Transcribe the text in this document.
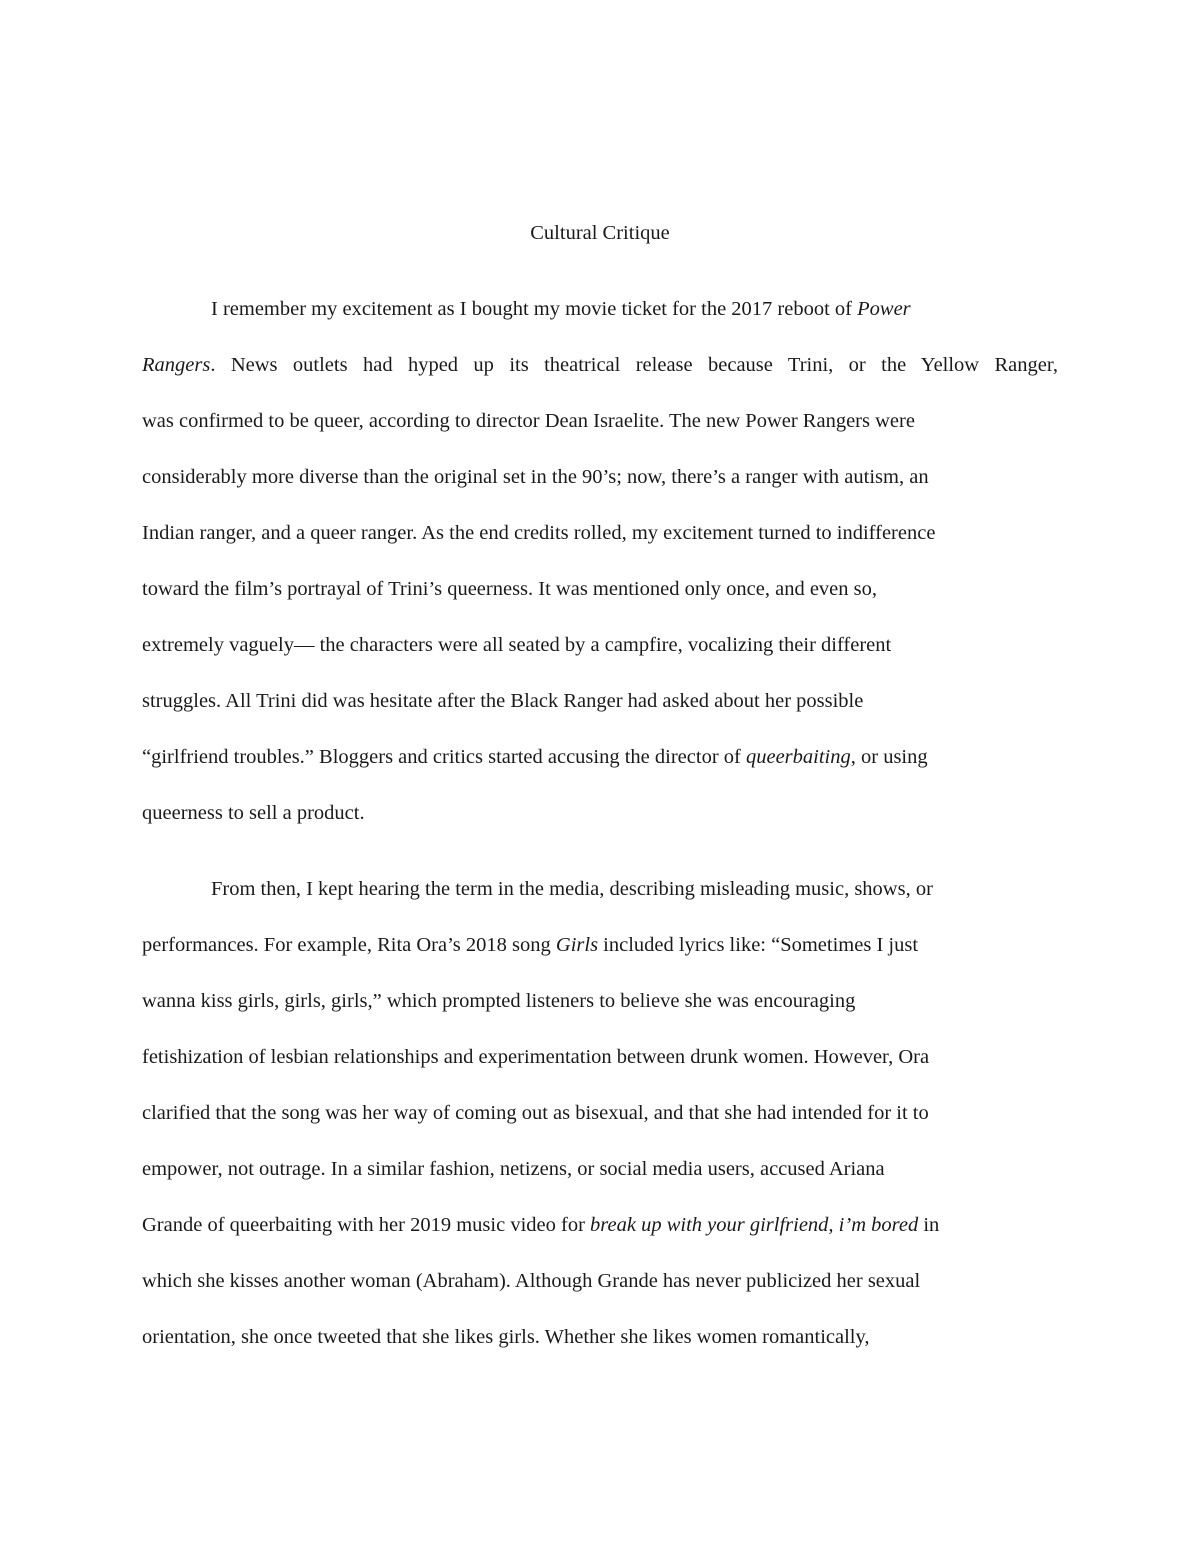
Cultural Critique

I remember my excitement as I bought my movie ticket for the 2017 reboot of Power

Rangers. News outlets had hyped up its theatrical release because Trini, or the Yellow Ranger,

was confirmed to be queer, according to director Dean Israelite. The new Power Rangers were

considerably more diverse than the original set in the 90’s; now, there’s a ranger with autism, an

Indian ranger, and a queer ranger. As the end credits rolled, my excitement turned to indifference

toward the film’s portrayal of Trini’s queerness. It was mentioned only once, and even so,

extremely vaguely— the characters were all seated by a campfire, vocalizing their different

struggles. All Trini did was hesitate after the Black Ranger had asked about her possible

“girlfriend troubles.” Bloggers and critics started accusing the director of queerbaiting, or using

queerness to sell a product.

From then, I kept hearing the term in the media, describing misleading music, shows, or

performances. For example, Rita Ora’s 2018 song Girls included lyrics like: “Sometimes I just

wanna kiss girls, girls, girls,” which prompted listeners to believe she was encouraging

fetishization of lesbian relationships and experimentation between drunk women. However, Ora

clarified that the song was her way of coming out as bisexual, and that she had intended for it to

empower, not outrage. In a similar fashion, netizens, or social media users, accused Ariana

Grande of queerbaiting with her 2019 music video for break up with your girlfriend, i’m bored in

which she kisses another woman (Abraham). Although Grande has never publicized her sexual

orientation, she once tweeted that she likes girls. Whether she likes women romantically,
